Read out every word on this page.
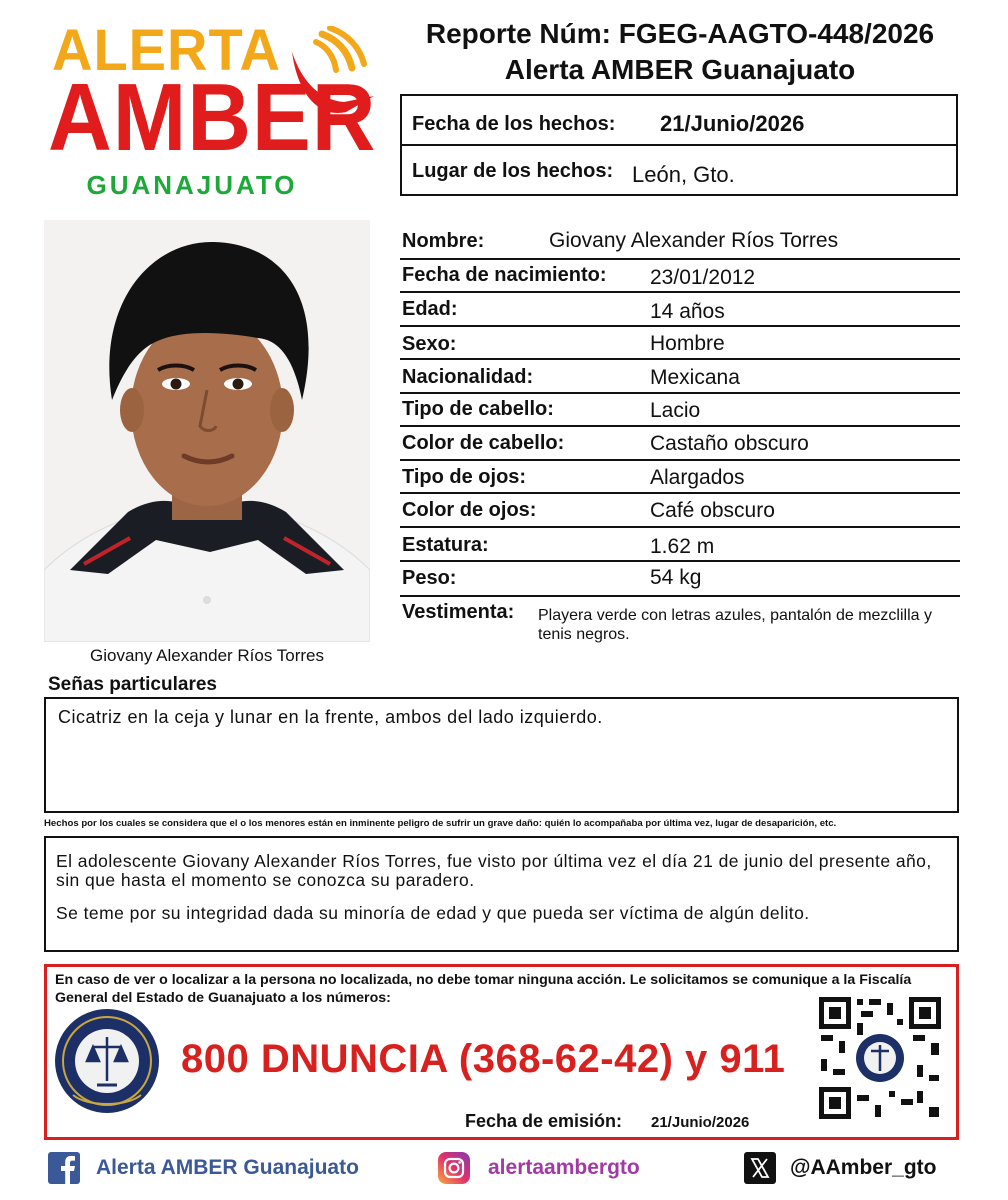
ALERTA
AMBER
GUANAJUATO
Reporte Núm: FGEG-AAGTO-448/2026
Alerta AMBER Guanajuato
Fecha de los hechos: 21/Junio/2026
Lugar de los hechos: León, Gto.
Giovany Alexander Ríos Torres
Nombre:	Giovany Alexander Ríos Torres
Fecha de nacimiento: 23/01/2012
Edad:	14 años
Sexo:	Hombre
Nacionalidad:	Mexicana
Tipo de cabello:	Lacio
Color de cabello:	Castaño obscuro
Tipo de ojos:	Alargados
Color de ojos:	Café obscuro
Estatura:	1.62 m
Peso:	54 kg
Vestimenta: Playera verde con letras azules, pantalón de mezclilla y tenis negros.
Señas particulares
Cicatriz en la ceja y lunar en la frente, ambos del lado izquierdo.
Hechos por los cuales se considera que el o los menores están en inminente peligro de sufrir un grave daño: quién lo acompañaba por última vez, lugar de desaparición, etc.
El adolescente Giovany Alexander Ríos Torres, fue visto por última vez el día 21 de junio del presente año, sin que hasta el momento se conozca su paradero.
Se teme por su integridad dada su minoría de edad y que pueda ser víctima de algún delito.
En caso de ver o localizar a la persona no localizada, no debe tomar ninguna acción. Le solicitamos se comunique a la Fiscalía General del Estado de Guanajuato a los números:
800 DNUNCIA (368-62-42) y 911
Fecha de emisión: 21/Junio/2026
Alerta AMBER Guanajuato	alertaambergto	@AAmber_gto
